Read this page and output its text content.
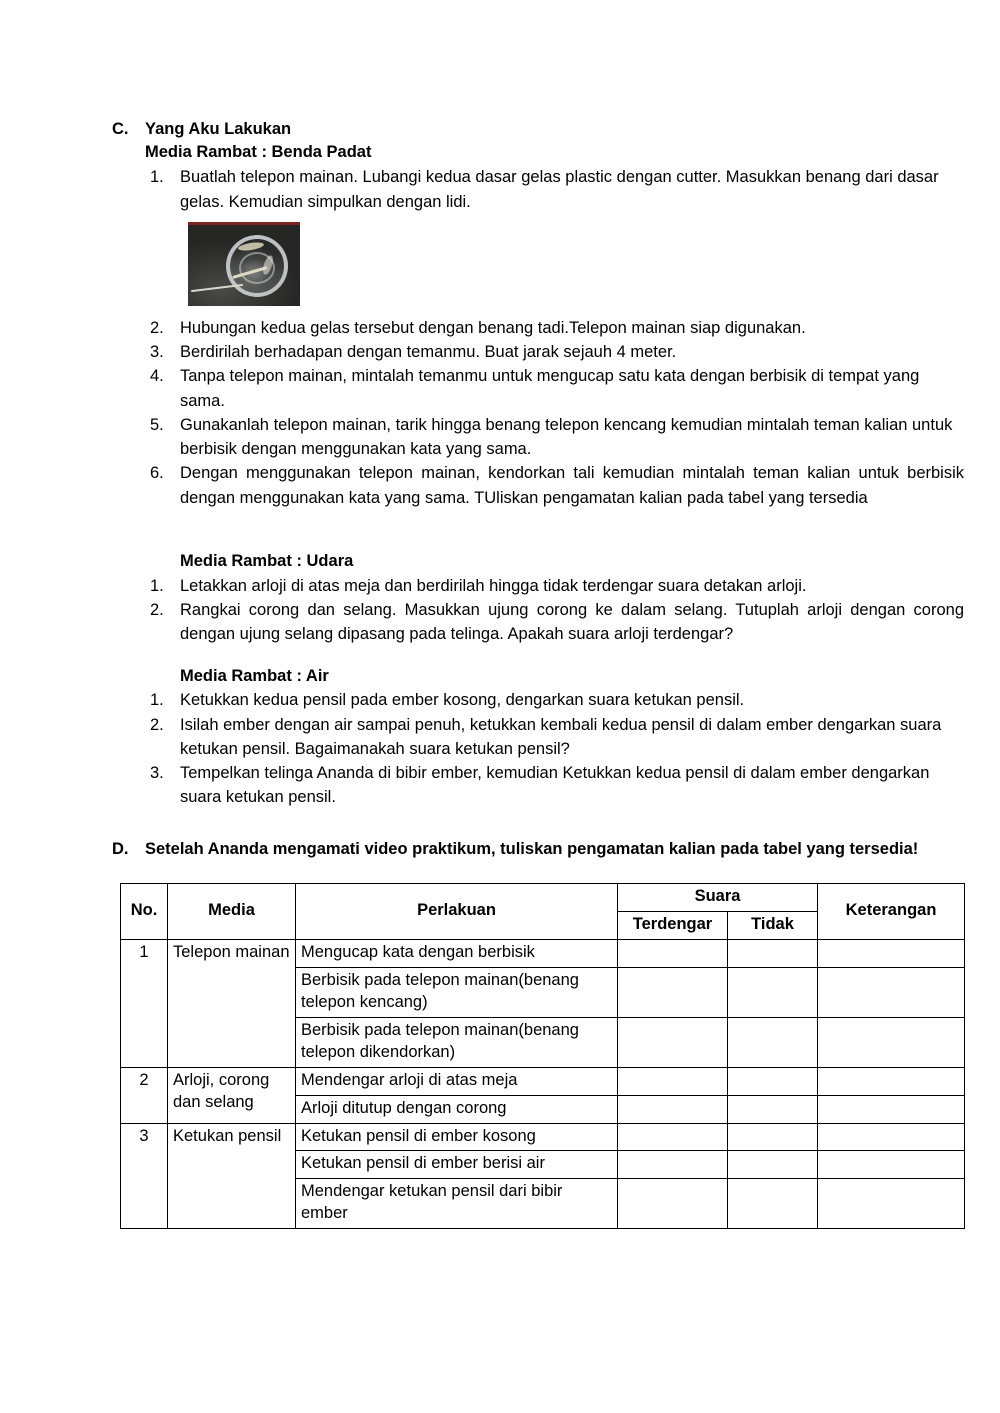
C.	Yang Aku Lakukan
Media Rambat : Benda Padat
1. Buatlah telepon mainan. Lubangi kedua dasar gelas plastic dengan cutter. Masukkan benang dari dasar gelas. Kemudian simpulkan dengan lidi.
2. Hubungan kedua gelas tersebut dengan benang tadi.Telepon mainan siap digunakan.
3. Berdirilah berhadapan dengan temanmu. Buat jarak sejauh 4 meter.
4. Tanpa telepon mainan, mintalah temanmu untuk mengucap satu kata dengan berbisik di tempat yang sama.
5. Gunakanlah telepon mainan, tarik hingga benang telepon kencang kemudian mintalah teman kalian untuk berbisik dengan menggunakan kata yang sama.
6. Dengan menggunakan telepon mainan, kendorkan tali kemudian mintalah teman kalian untuk berbisik dengan menggunakan kata yang sama. TUliskan pengamatan kalian pada tabel yang tersedia
Media Rambat : Udara
1. Letakkan arloji di atas meja dan berdirilah hingga tidak terdengar suara detakan arloji.
2. Rangkai corong dan selang. Masukkan ujung corong ke dalam selang. Tutuplah arloji dengan corong dengan ujung selang dipasang pada telinga. Apakah suara arloji terdengar?
Media Rambat : Air
1. Ketukkan kedua pensil pada ember kosong, dengarkan suara ketukan pensil.
2. Isilah ember dengan air sampai penuh, ketukkan kembali kedua pensil di dalam ember dengarkan suara ketukan pensil. Bagaimanakah suara ketukan pensil?
3. Tempelkan telinga Ananda di bibir ember, kemudian Ketukkan kedua pensil di dalam ember dengarkan suara ketukan pensil.
D.	Setelah Ananda mengamati video praktikum, tuliskan pengamatan kalian pada tabel yang tersedia!
No.	Media	Perlakuan	Suara		Keterangan
			Terdengar	Tidak	
1	Telepon mainan	Mengucap kata dengan berbisik			
		Berbisik pada telepon mainan(benang telepon kencang)			
		Berbisik pada telepon mainan(benang telepon dikendorkan)			
2	Arloji, corong dan selang	Mendengar arloji di atas meja			
		Arloji ditutup dengan corong			
3	Ketukan pensil	Ketukan pensil di ember kosong			
		Ketukan pensil di ember berisi air			
		Mendengar ketukan pensil dari bibir ember			
